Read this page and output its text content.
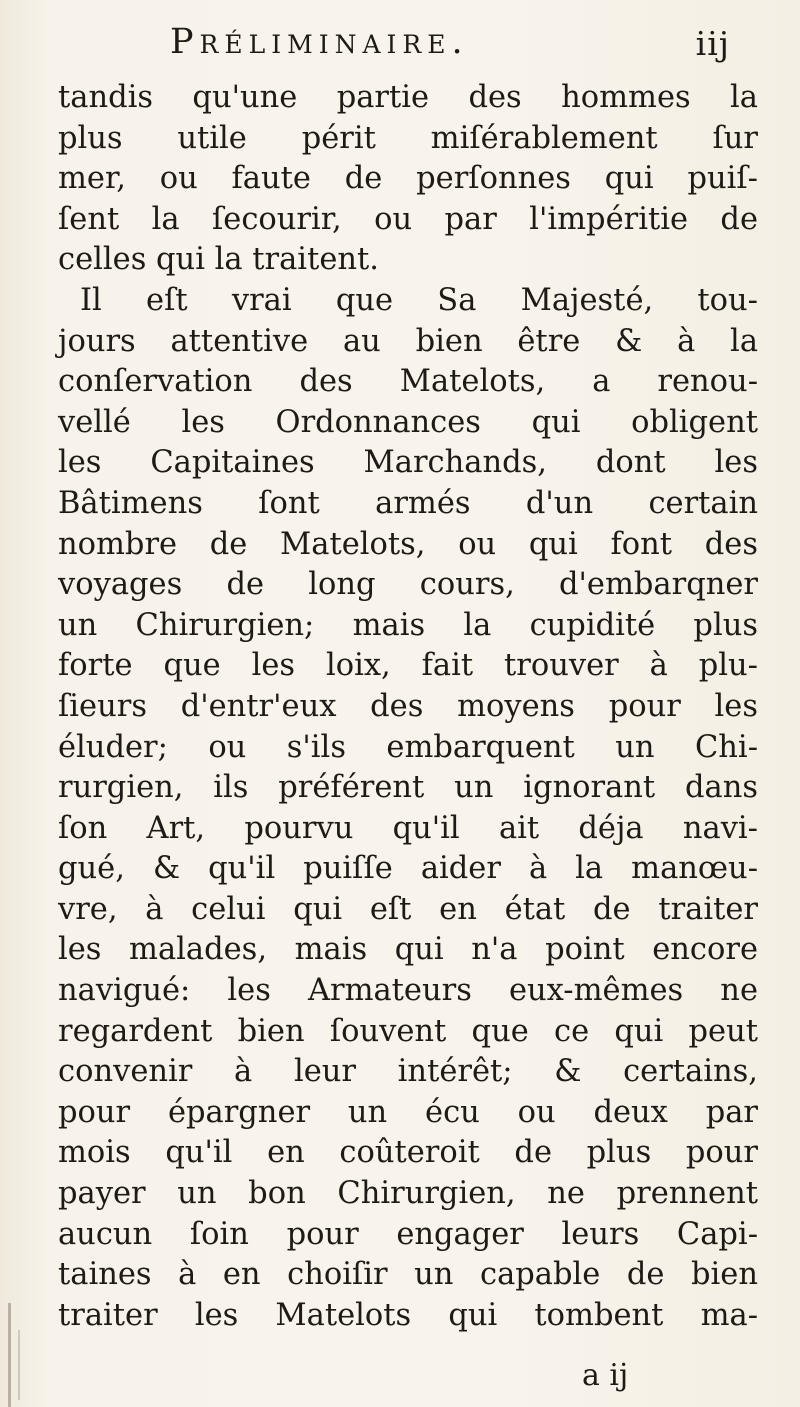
Préliminaire.	iij
tandis qu'une partie des hommes la
plus utile périt miſérablement ſur
mer, ou faute de perſonnes qui puiſ-
ſent la ſecourir, ou par l'impéritie de
celles qui la traitent.
Il eſt vrai que Sa Majesté, tou-
jours attentive au bien être & à la
conſervation des Matelots, a renou-
vellé les Ordonnances qui obligent
les Capitaines Marchands, dont les
Bâtimens ſont armés d'un certain
nombre de Matelots, ou qui font des
voyages de long cours, d'embarqner
un Chirurgien; mais la cupidité plus
forte que les loix, fait trouver à plu-
ſieurs d'entr'eux des moyens pour les
éluder; ou s'ils embarquent un Chi-
rurgien, ils préférent un ignorant dans
ſon Art, pourvu qu'il ait déja navi-
gué, & qu'il puiſſe aider à la manœu-
vre, à celui qui eſt en état de traiter
les malades, mais qui n'a point encore
navigué: les Armateurs eux-mêmes ne
regardent bien ſouvent que ce qui peut
convenir à leur intérêt; & certains,
pour épargner un écu ou deux par
mois qu'il en coûteroit de plus pour
payer un bon Chirurgien, ne prennent
aucun ſoin pour engager leurs Capi-
taines à en choiſir un capable de bien
traiter les Matelots qui tombent ma-
a ij
